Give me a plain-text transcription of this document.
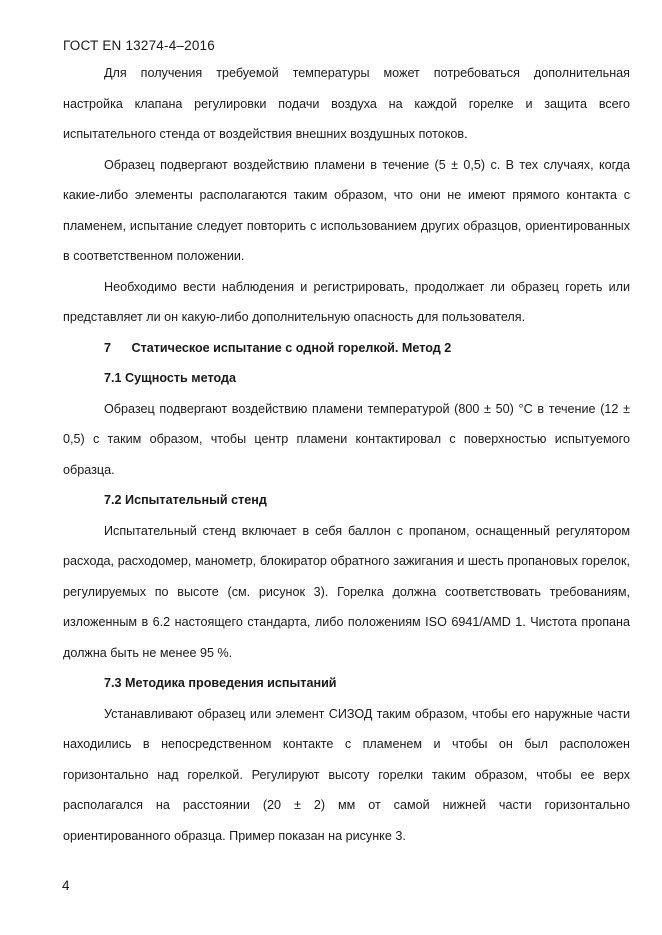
ГОСТ EN 13274-4–2016

Для получения требуемой температуры может потребоваться дополнительная настройка клапана регулировки подачи воздуха на каждой горелке и защита всего испытательного стенда от воздействия внешних воздушных потоков.

Образец подвергают воздействию пламени в течение (5 ± 0,5) с. В тех случаях, когда какие-либо элементы располагаются таким образом, что они не имеют прямого контакта с пламенем, испытание следует повторить с использованием других образцов, ориентированных в соответственном положении.

Необходимо вести наблюдения и регистрировать, продолжает ли образец гореть или представляет ли он какую-либо дополнительную опасность для пользователя.

7 Статическое испытание с одной горелкой. Метод 2
7.1 Сущность метода

Образец подвергают воздействию пламени температурой (800 ± 50) °С в течение (12 ± 0,5) с таким образом, чтобы центр пламени контактировал с поверхностью испытуемого образца.

7.2 Испытательный стенд

Испытательный стенд включает в себя баллон с пропаном, оснащенный регулятором расхода, расходомер, манометр, блокиратор обратного зажигания и шесть пропановых горелок, регулируемых по высоте (см. рисунок 3). Горелка должна соответствовать требованиям, изложенным в 6.2 настоящего стандарта, либо положениям ISO 6941/AMD 1. Чистота пропана должна быть не менее 95 %.

7.3 Методика проведения испытаний

Устанавливают образец или элемент СИЗОД таким образом, чтобы его наружные части находились в непосредственном контакте с пламенем и чтобы он был расположен горизонтально над горелкой. Регулируют высоту горелки таким образом, чтобы ее верх располагался на расстоянии (20 ± 2) мм от самой нижней части горизонтально ориентированного образца. Пример показан на рисунке 3.

4
